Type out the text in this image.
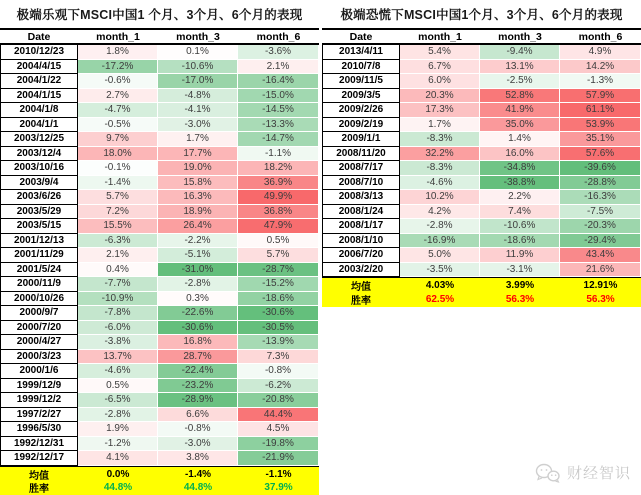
极端乐观下MSCI中国1 个月、3个月、6个月的表现
Date	month_1	month_3	month_6
2010/12/23	1.8%	0.1%	-3.6%
2004/4/15	-17.2%	-10.6%	2.1%
2004/1/22	-0.6%	-17.0%	-16.4%
2004/1/15	2.7%	-4.8%	-15.0%
2004/1/8	-4.7%	-4.1%	-14.5%
2004/1/1	-0.5%	-3.0%	-13.3%
2003/12/25	9.7%	1.7%	-14.7%
2003/12/4	18.0%	17.7%	-1.1%
2003/10/16	-0.1%	19.0%	18.2%
2003/9/4	-1.4%	15.8%	36.9%
2003/6/26	5.7%	16.3%	49.9%
2003/5/29	7.2%	18.9%	36.8%
2003/5/15	15.5%	26.4%	47.9%
2001/12/13	-6.3%	-2.2%	0.5%
2001/11/29	2.1%	-5.1%	5.7%
2001/5/24	0.4%	-31.0%	-28.7%
2000/11/9	-7.7%	-2.8%	-15.2%
2000/10/26	-10.9%	0.3%	-18.6%
2000/9/7	-7.8%	-22.6%	-30.6%
2000/7/20	-6.0%	-30.6%	-30.5%
2000/4/27	-3.8%	16.8%	-13.9%
2000/3/23	13.7%	28.7%	7.3%
2000/1/6	-4.6%	-22.4%	-0.8%
1999/12/9	0.5%	-23.2%	-6.2%
1999/12/2	-6.5%	-28.9%	-20.8%
1997/2/27	-2.8%	6.6%	44.4%
1996/5/30	1.9%	-0.8%	4.5%
1992/12/31	-1.2%	-3.0%	-19.8%
1992/12/17	4.1%	3.8%	-21.9%
均值	0.0%	-1.4%	-1.1%
胜率	44.8%	44.8%	37.9%
极端恐慌下MSCI中国1个月、3个月、6个月的表现
Date	month_1	month_3	month_6
2013/4/11	5.4%	-9.4%	4.9%
2010/7/8	6.7%	13.1%	14.2%
2009/11/5	6.0%	-2.5%	-1.3%
2009/3/5	20.3%	52.8%	57.9%
2009/2/26	17.3%	41.9%	61.1%
2009/2/19	1.7%	35.0%	53.9%
2009/1/1	-8.3%	1.4%	35.1%
2008/11/20	32.2%	16.0%	57.6%
2008/7/17	-8.3%	-34.8%	-39.6%
2008/7/10	-4.6%	-38.8%	-28.8%
2008/3/13	10.2%	2.2%	-16.3%
2008/1/24	4.2%	7.4%	-7.5%
2008/1/17	-2.8%	-10.6%	-20.3%
2008/1/10	-16.9%	-18.6%	-29.4%
2006/7/20	5.0%	11.9%	43.4%
2003/2/20	-3.5%	-3.1%	21.6%
均值	4.03%	3.99%	12.91%
胜率	62.5%	56.3%	56.3%
财经智识
